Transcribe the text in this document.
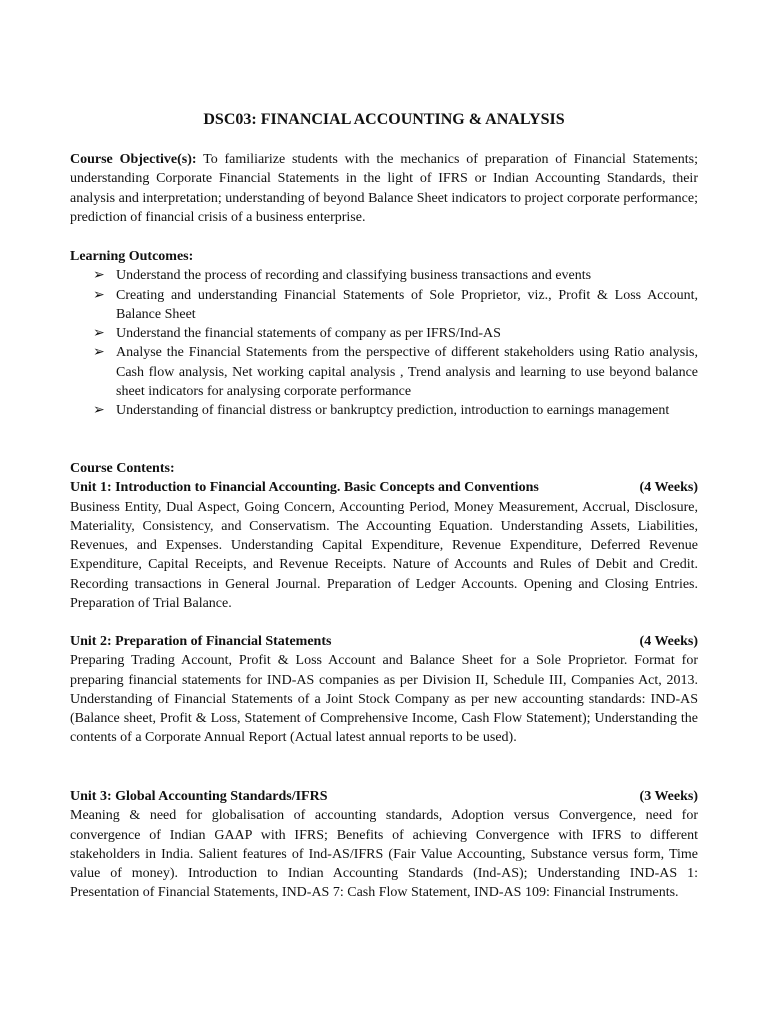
DSC03: FINANCIAL ACCOUNTING & ANALYSIS
Course Objective(s): To familiarize students with the mechanics of preparation of Financial Statements; understanding Corporate Financial Statements in the light of IFRS or Indian Accounting Standards, their analysis and interpretation; understanding of beyond Balance Sheet indicators to project corporate performance; prediction of financial crisis of a business enterprise.
Learning Outcomes:
➢ Understand the process of recording and classifying business transactions and events
➢ Creating and understanding Financial Statements of Sole Proprietor, viz., Profit & Loss Account, Balance Sheet
➢ Understand the financial statements of company as per IFRS/Ind-AS
➢ Analyse the Financial Statements from the perspective of different stakeholders using Ratio analysis, Cash flow analysis, Net working capital analysis , Trend analysis and learning to use beyond balance sheet indicators for analysing corporate performance
➢ Understanding of financial distress or bankruptcy prediction, introduction to earnings management
Course Contents:
Unit 1: Introduction to Financial Accounting. Basic Concepts and Conventions	(4 Weeks)
Business Entity, Dual Aspect, Going Concern, Accounting Period, Money Measurement, Accrual, Disclosure, Materiality, Consistency, and Conservatism. The Accounting Equation. Understanding Assets, Liabilities, Revenues, and Expenses. Understanding Capital Expenditure, Revenue Expenditure, Deferred Revenue Expenditure, Capital Receipts, and Revenue Receipts. Nature of Accounts and Rules of Debit and Credit. Recording transactions in General Journal. Preparation of Ledger Accounts. Opening and Closing Entries. Preparation of Trial Balance.
Unit 2: Preparation of Financial Statements	(4 Weeks)
Preparing Trading Account, Profit & Loss Account and Balance Sheet for a Sole Proprietor. Format for preparing financial statements for IND-AS companies as per Division II, Schedule III, Companies Act, 2013. Understanding of Financial Statements of a Joint Stock Company as per new accounting standards: IND-AS (Balance sheet, Profit & Loss, Statement of Comprehensive Income, Cash Flow Statement); Understanding the contents of a Corporate Annual Report (Actual latest annual reports to be used).
Unit 3: Global Accounting Standards/IFRS	(3 Weeks)
Meaning & need for globalisation of accounting standards, Adoption versus Convergence, need for convergence of Indian GAAP with IFRS; Benefits of achieving Convergence with IFRS to different stakeholders in India. Salient features of Ind-AS/IFRS (Fair Value Accounting, Substance versus form, Time value of money). Introduction to Indian Accounting Standards (Ind-AS); Understanding IND-AS 1: Presentation of Financial Statements, IND-AS 7: Cash Flow Statement, IND-AS 109: Financial Instruments.
